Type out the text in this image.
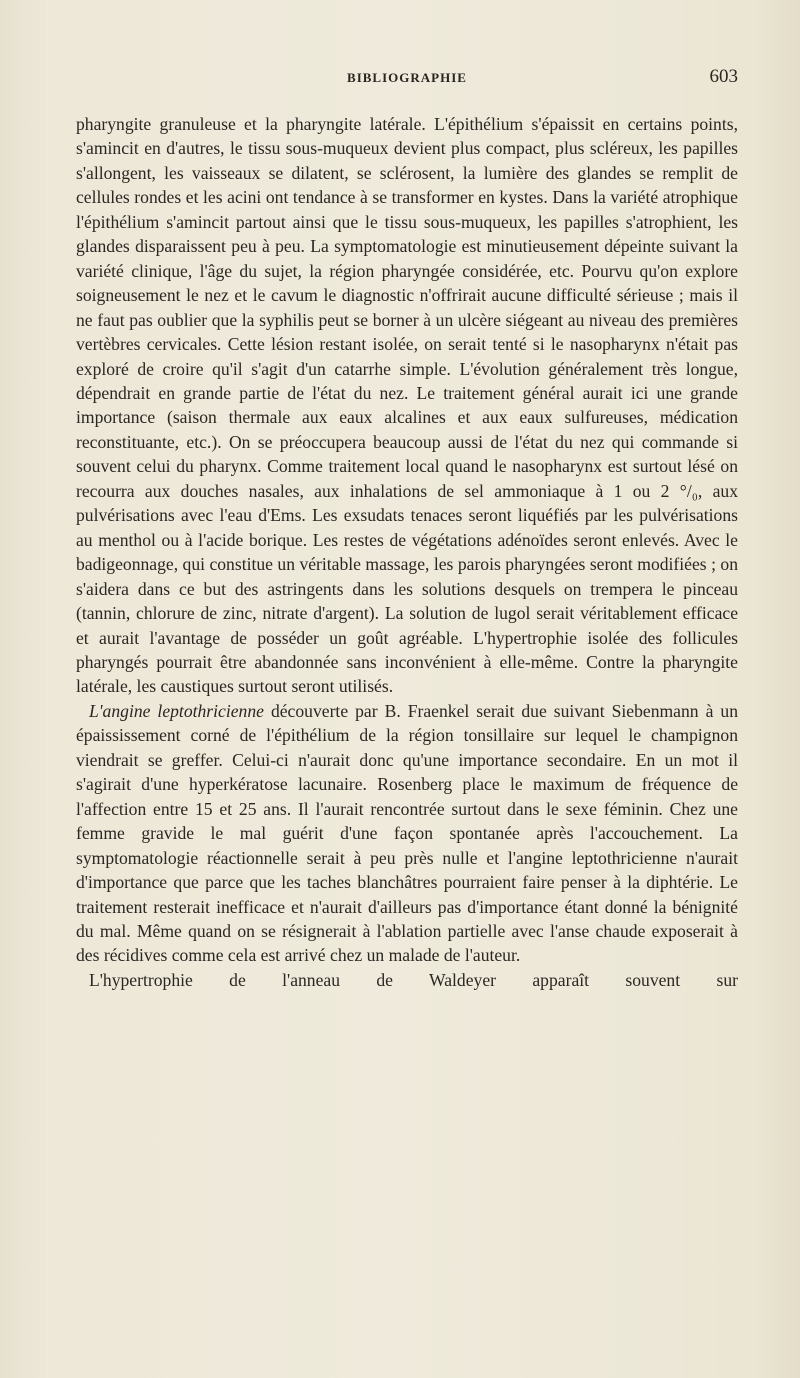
BIBLIOGRAPHIE	603

pharyngite granuleuse et la pharyngite latérale. L'épithélium s'épaissit en certains points, s'amincit en d'autres, le tissu sous-muqueux devient plus compact, plus scléreux, les papilles s'allongent, les vaisseaux se dilatent, se sclérosent, la lumière des glandes se remplit de cellules rondes et les acini ont tendance à se transformer en kystes. Dans la variété atrophique l'épithélium s'amincit partout ainsi que le tissu sous-muqueux, les papilles s'atrophient, les glandes disparaissent peu à peu. La symptomatologie est minutieusement dépeinte suivant la variété clinique, l'âge du sujet, la région pharyngée considérée, etc. Pourvu qu'on explore soigneusement le nez et le cavum le diagnostic n'offrirait aucune difficulté sérieuse ; mais il ne faut pas oublier que la syphilis peut se borner à un ulcère siégeant au niveau des premières vertèbres cervicales. Cette lésion restant isolée, on serait tenté si le nasopharynx n'était pas exploré de croire qu'il s'agit d'un catarrhe simple. L'évolution généralement très longue, dépendrait en grande partie de l'état du nez. Le traitement général aurait ici une grande importance (saison thermale aux eaux alcalines et aux eaux sulfureuses, médication reconstituante, etc.). On se préoccupera beaucoup aussi de l'état du nez qui commande si souvent celui du pharynx. Comme traitement local quand le nasopharynx est surtout lésé on recourra aux douches nasales, aux inhalations de sel ammoniaque à 1 ou 2 °/₀, aux pulvérisations avec l'eau d'Ems. Les exsudats tenaces seront liquéfiés par les pulvérisations au menthol ou à l'acide borique. Les restes de végétations adénoïdes seront enlevés. Avec le badigeonnage, qui constitue un véritable massage, les parois pharyngées seront modifiées ; on s'aidera dans ce but des astringents dans les solutions desquels on trempera le pinceau (tannin, chlorure de zinc, nitrate d'argent). La solution de lugol serait véritablement efficace et aurait l'avantage de posséder un goût agréable. L'hypertrophie isolée des follicules pharyngés pourrait être abandonnée sans inconvénient à elle-même. Contre la pharyngite latérale, les caustiques surtout seront utilisés.

L'angine leptothricienne découverte par B. Fraenkel serait due suivant Siebenmann à un épaississement corné de l'épithélium de la région tonsillaire sur lequel le champignon viendrait se greffer. Celui-ci n'aurait donc qu'une importance secondaire. En un mot il s'agirait d'une hyperkératose lacunaire. Rosenberg place le maximum de fréquence de l'affection entre 15 et 25 ans. Il l'aurait rencontrée surtout dans le sexe féminin. Chez une femme gravide le mal guérit d'une façon spontanée après l'accouchement. La symptomatologie réactionnelle serait à peu près nulle et l'angine leptothricienne n'aurait d'importance que parce que les taches blanchâtres pourraient faire penser à la diphtérie. Le traitement resterait inefficace et n'aurait d'ailleurs pas d'importance étant donné la bénignité du mal. Même quand on se résignerait à l'ablation partielle avec l'anse chaude exposerait à des récidives comme cela est arrivé chez un malade de l'auteur.

L'hypertrophie de l'anneau de Waldeyer apparaît souvent sur
